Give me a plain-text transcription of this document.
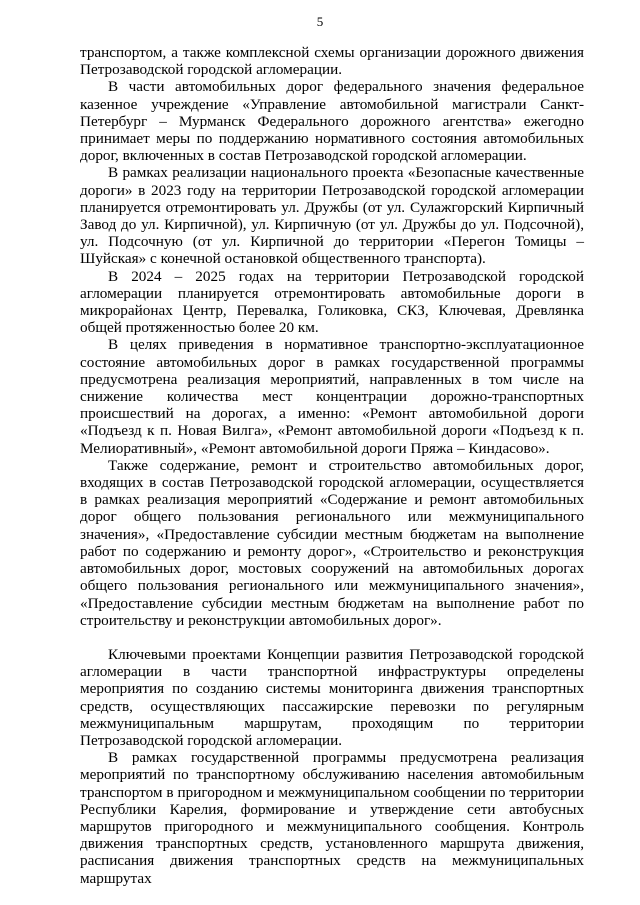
5

транспортом, а также комплексной схемы организации дорожного движения Петрозаводской городской агломерации.

В части автомобильных дорог федерального значения федеральное казенное учреждение «Управление автомобильной магистрали Санкт-Петербург – Мурманск Федерального дорожного агентства» ежегодно принимает меры по поддержанию нормативного состояния автомобильных дорог, включенных в состав Петрозаводской городской агломерации.

В рамках реализации национального проекта «Безопасные качественные дороги» в 2023 году на территории Петрозаводской городской агломерации планируется отремонтировать ул. Дружбы (от ул. Сулажгорский Кирпичный Завод до ул. Кирпичной), ул. Кирпичную (от ул. Дружбы до ул. Подсочной), ул. Подсочную (от ул. Кирпичной до территории «Перегон Томицы – Шуйская» с конечной остановкой общественного транспорта).

В 2024 – 2025 годах на территории Петрозаводской городской агломерации планируется отремонтировать автомобильные дороги в микрорайонах Центр, Перевалка, Голиковка, СКЗ, Ключевая, Древлянка общей протяженностью более 20 км.

В целях приведения в нормативное транспортно-эксплуатационное состояние автомобильных дорог в рамках государственной программы предусмотрена реализация мероприятий, направленных в том числе на снижение количества мест концентрации дорожно-транспортных происшествий на дорогах, а именно: «Ремонт автомобильной дороги «Подъезд к п. Новая Вилга», «Ремонт автомобильной дороги «Подъезд к п. Мелиоративный», «Ремонт автомобильной дороги Пряжа – Киндасово».

Также содержание, ремонт и строительство автомобильных дорог, входящих в состав Петрозаводской городской агломерации, осуществляется в рамках реализация мероприятий «Содержание и ремонт автомобильных дорог общего пользования регионального или межмуниципального значения», «Предоставление субсидии местным бюджетам на выполнение работ по содержанию и ремонту дорог», «Строительство и реконструкция автомобильных дорог, мостовых сооружений на автомобильных дорогах общего пользования регионального или межмуниципального значения», «Предоставление субсидии местным бюджетам на выполнение работ по строительству и реконструкции автомобильных дорог».

Ключевыми проектами Концепции развития Петрозаводской городской агломерации в части транспортной инфраструктуры определены мероприятия по созданию системы мониторинга движения транспортных средств, осуществляющих пассажирские перевозки по регулярным межмуниципальным маршрутам, проходящим по территории Петрозаводской городской агломерации.

В рамках государственной программы предусмотрена реализация мероприятий по транспортному обслуживанию населения автомобильным транспортом в пригородном и межмуниципальном сообщении по территории Республики Карелия, формирование и утверждение сети автобусных маршрутов пригородного и межмуниципального сообщения. Контроль движения транспортных средств, установленного маршрута движения, расписания движения транспортных средств на межмуниципальных маршрутах
